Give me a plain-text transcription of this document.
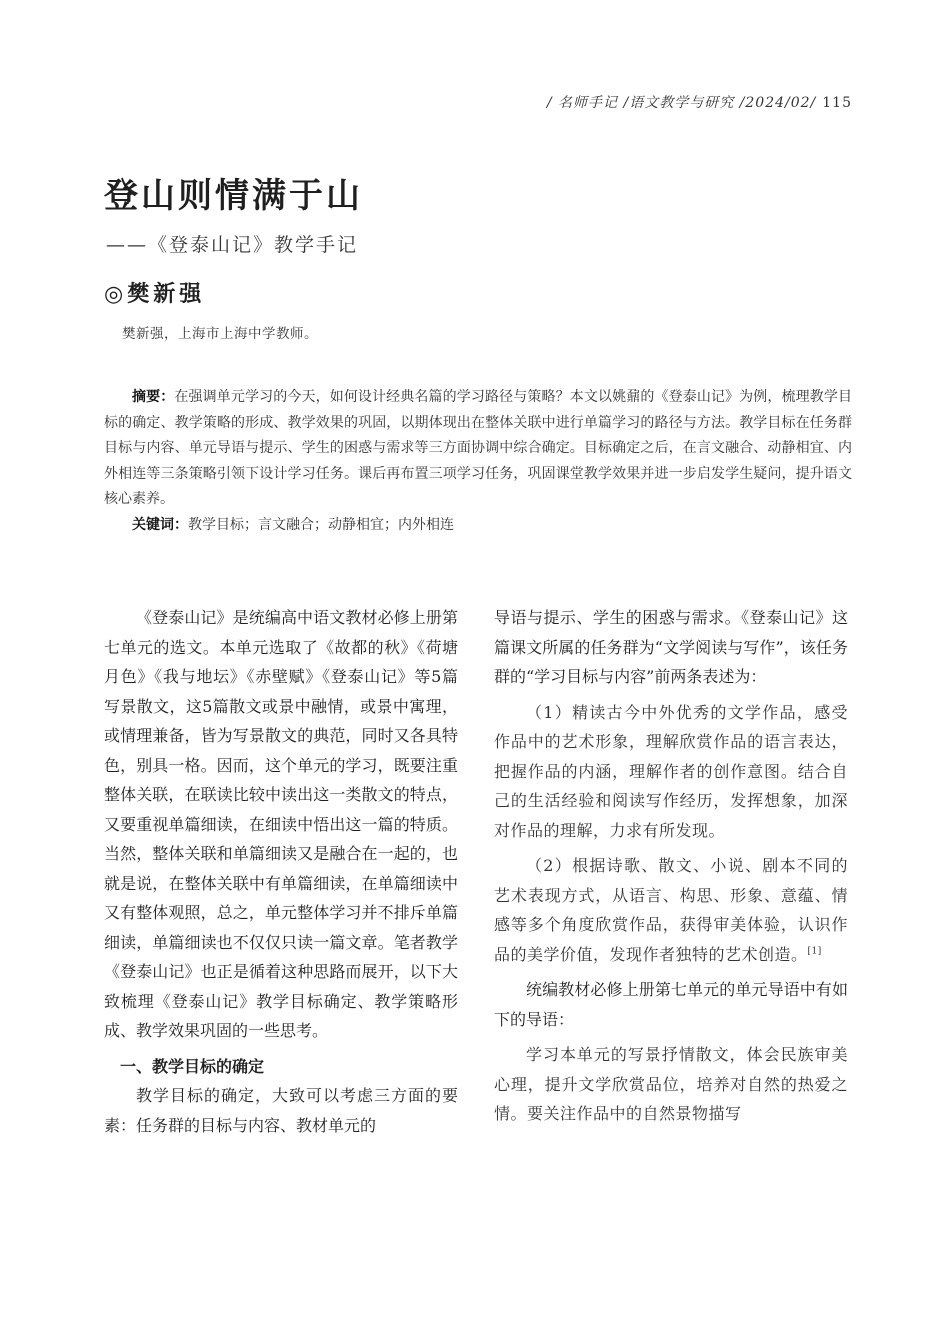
/ 名师手记 /语文教学与研究 /2024/02/ 115
登山则情满于山
——《登泰山记》教学手记
◎樊新强
樊新强，上海市上海中学教师。

摘要：在强调单元学习的今天，如何设计经典名篇的学习路径与策略？本文以姚鼐的《登泰山记》为例，梳理教学目标的确定、教学策略的形成、教学效果的巩固，以期体现出在整体关联中进行单篇学习的路径与方法。教学目标在任务群目标与内容、单元导语与提示、学生的困惑与需求等三方面协调中综合确定。目标确定之后，在言文融合、动静相宜、内外相连等三条策略引领下设计学习任务。课后再布置三项学习任务，巩固课堂教学效果并进一步启发学生疑问，提升语文核心素养。

关键词：教学目标；言文融合；动静相宜；内外相连

《登泰山记》是统编高中语文教材必修上册第七单元的选文。本单元选取了《故都的秋》《荷塘月色》《我与地坛》《赤壁赋》《登泰山记》等5篇写景散文，这5篇散文或景中融情，或景中寓理，或情理兼备，皆为写景散文的典范，同时又各具特色，别具一格。因而，这个单元的学习，既要注重整体关联，在联读比较中读出这一类散文的特点，又要重视单篇细读，在细读中悟出这一篇的特质。当然，整体关联和单篇细读又是融合在一起的，也就是说，在整体关联中有单篇细读，在单篇细读中又有整体观照，总之，单元整体学习并不排斥单篇细读，单篇细读也不仅仅只读一篇文章。笔者教学《登泰山记》也正是循着这种思路而展开，以下大致梳理《登泰山记》教学目标确定、教学策略形成、教学效果巩固的一些思考。

一、教学目标的确定

教学目标的确定，大致可以考虑三方面的要素：任务群的目标与内容、教材单元的

导语与提示、学生的困惑与需求。《登泰山记》这篇课文所属的任务群为“文学阅读与写作”，该任务群的“学习目标与内容”前两条表述为：

（1）精读古今中外优秀的文学作品，感受作品中的艺术形象，理解欣赏作品的语言表达，把握作品的内涵，理解作者的创作意图。结合自己的生活经验和阅读写作经历，发挥想象，加深对作品的理解，力求有所发现。

（2）根据诗歌、散文、小说、剧本不同的艺术表现方式，从语言、构思、形象、意蕴、情感等多个角度欣赏作品，获得审美体验，认识作品的美学价值，发现作者独特的艺术创造。[1]

统编教材必修上册第七单元的单元导语中有如下的导语：

学习本单元的写景抒情散文，体会民族审美心理，提升文学欣赏品位，培养对自然的热爱之情。要关注作品中的自然景物描写
